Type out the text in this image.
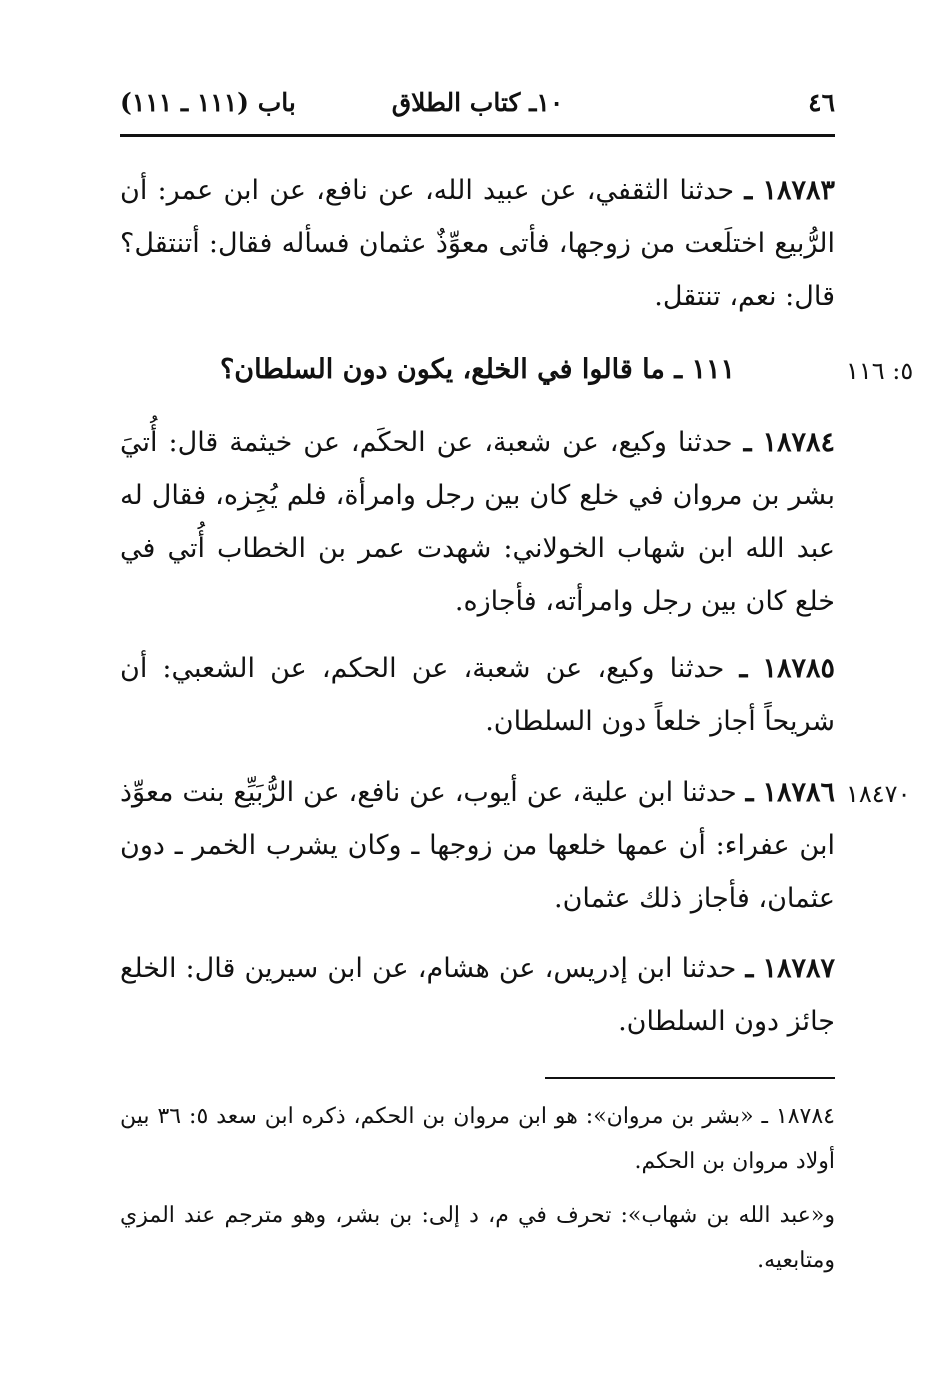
٤٦
١٠ـ كتاب الطلاق
باب (١١١ ـ ١١١)
١٨٧٨٣ ـ حدثنا الثقفي، عن عبيد الله، عن نافع، عن ابن عمر: أن الرُّبيع اختلَعت من زوجها، فأتى معوِّذٌ عثمان فسأله فقال: أتنتقل؟ قال: نعم، تنتقل.
٥: ١١٦
١١١ ـ ما قالوا في الخلع، يكون دون السلطان؟
١٨٧٨٤ ـ حدثنا وكيع، عن شعبة، عن الحكَم، عن خيثمة قال: أُتيَ بشر بن مروان في خلع كان بين رجل وامرأة، فلم يُجِزه، فقال له عبد الله ابن شهاب الخولاني: شهدت عمر بن الخطاب أُتي في خلع كان بين رجل وامرأته، فأجازه.
١٨٧٨٥ ـ حدثنا وكيع، عن شعبة، عن الحكم، عن الشعبي: أن شريحاً أجاز خلعاً دون السلطان.
١٨٤٧٠
١٨٧٨٦ ـ حدثنا ابن علية، عن أيوب، عن نافع، عن الرُّبَيِّع بنت معوِّذ ابن عفراء: أن عمها خلعها من زوجها ـ وكان يشرب الخمر ـ دون عثمان، فأجاز ذلك عثمان.
١٨٧٨٧ ـ حدثنا ابن إدريس، عن هشام، عن ابن سيرين قال: الخلع جائز دون السلطان.
١٨٧٨٤ ـ «بشر بن مروان»: هو ابن مروان بن الحكم، ذكره ابن سعد ٥: ٣٦ بين أولاد مروان بن الحكم.
و«عبد الله بن شهاب»: تحرف في م، د إلى: بن بشر، وهو مترجم عند المزي ومتابعيه.
